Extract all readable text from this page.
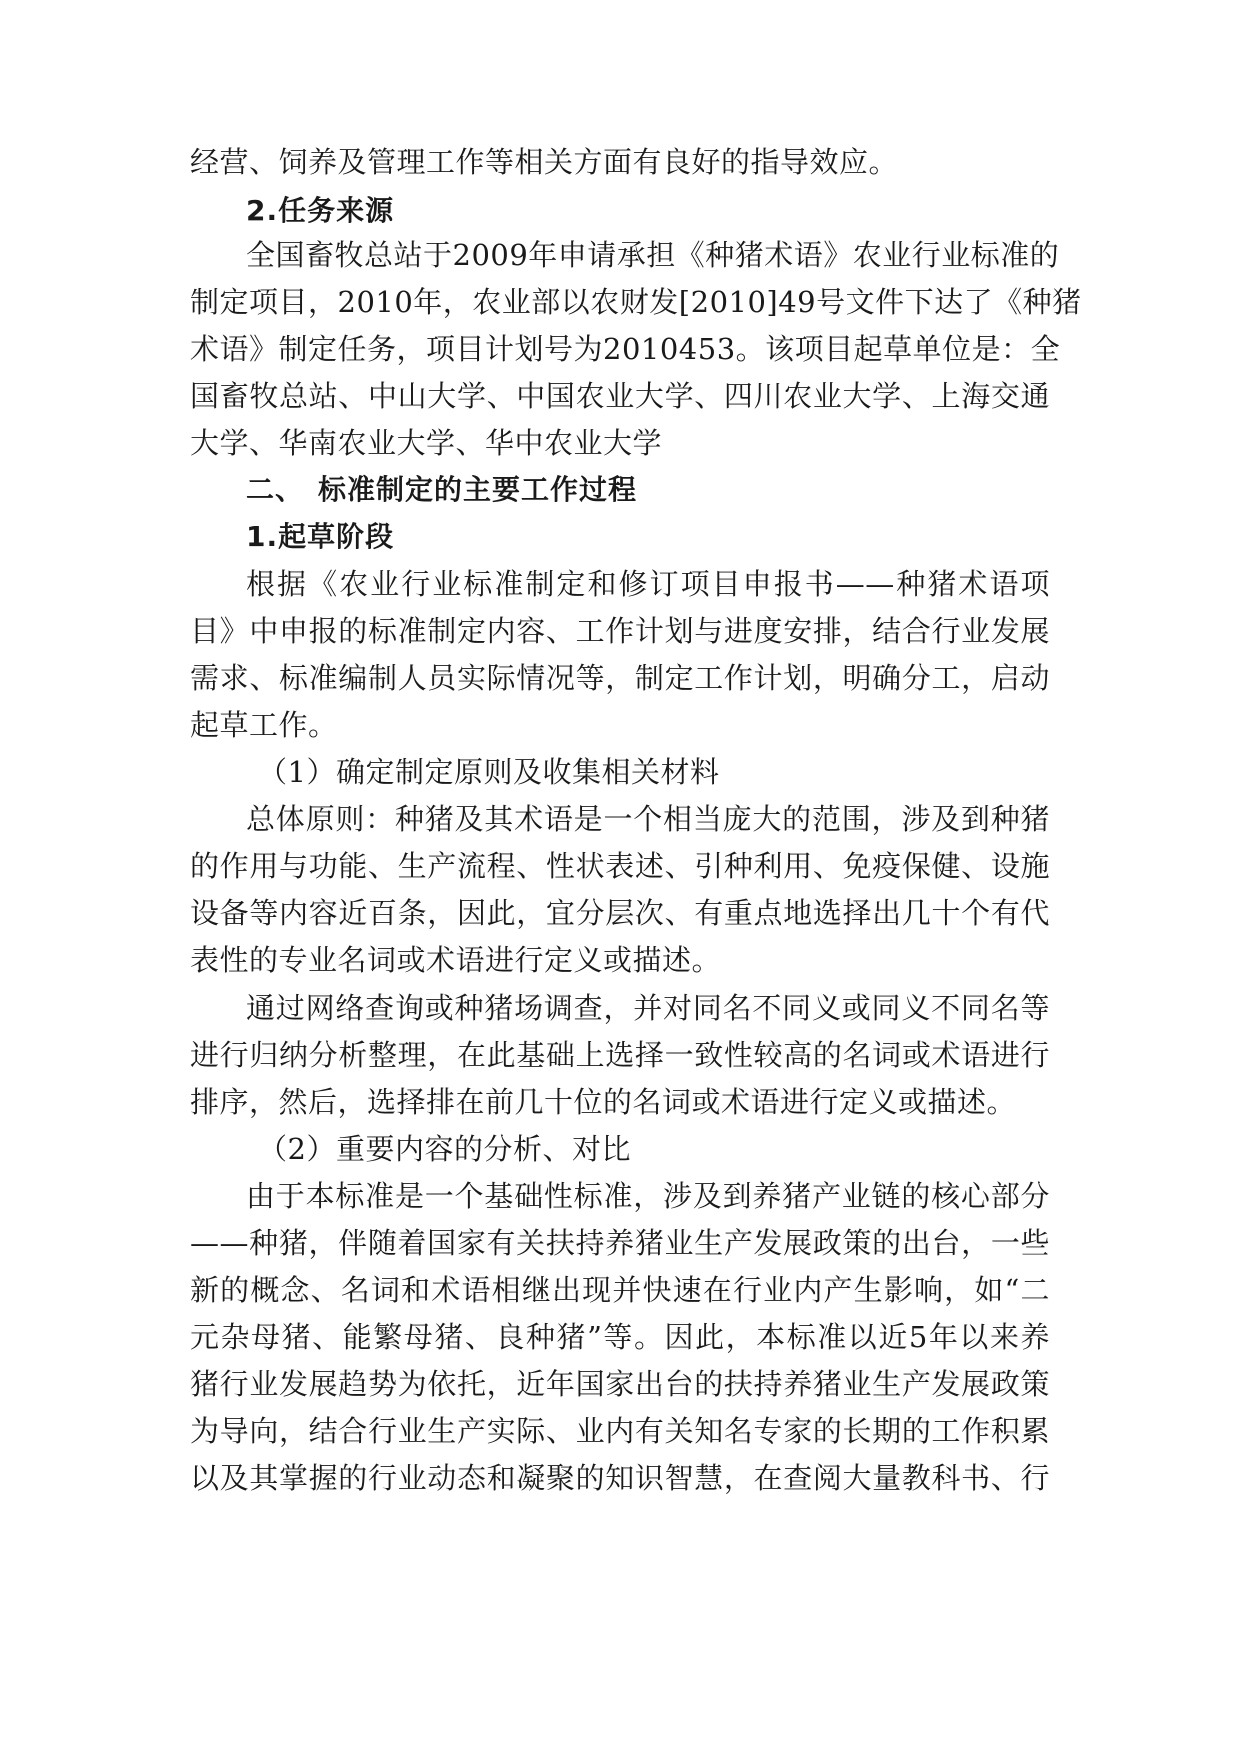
经营、饲养及管理工作等相关方面有良好的指导效应。
2.任务来源
全国畜牧总站于2009年申请承担《种猪术语》农业行业标准的
制定项目，2010年，农业部以农财发[2010]49号文件下达了《种猪
术语》制定任务，项目计划号为2010453。该项目起草单位是：全
国畜牧总站、中山大学、中国农业大学、四川农业大学、上海交通
大学、华南农业大学、华中农业大学
二、 标准制定的主要工作过程
1.起草阶段
根据《农业行业标准制定和修订项目申报书——种猪术语项
目》中申报的标准制定内容、工作计划与进度安排，结合行业发展
需求、标准编制人员实际情况等，制定工作计划，明确分工，启动
起草工作。
（1）确定制定原则及收集相关材料
总体原则：种猪及其术语是一个相当庞大的范围，涉及到种猪
的作用与功能、生产流程、性状表述、引种利用、免疫保健、设施
设备等内容近百条，因此，宜分层次、有重点地选择出几十个有代
表性的专业名词或术语进行定义或描述。
通过网络查询或种猪场调查，并对同名不同义或同义不同名等
进行归纳分析整理，在此基础上选择一致性较高的名词或术语进行
排序，然后，选择排在前几十位的名词或术语进行定义或描述。
（2）重要内容的分析、对比
由于本标准是一个基础性标准，涉及到养猪产业链的核心部分
——种猪，伴随着国家有关扶持养猪业生产发展政策的出台，一些
新的概念、名词和术语相继出现并快速在行业内产生影响，如“二
元杂母猪、能繁母猪、良种猪”等。因此，本标准以近5年以来养
猪行业发展趋势为依托，近年国家出台的扶持养猪业生产发展政策
为导向，结合行业生产实际、业内有关知名专家的长期的工作积累
以及其掌握的行业动态和凝聚的知识智慧，在查阅大量教科书、行
